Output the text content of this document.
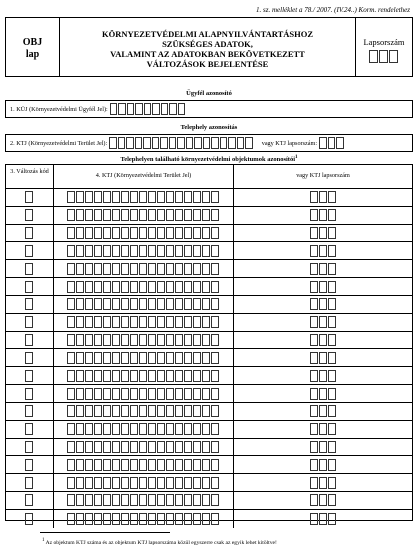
1. sz. melléklet a 78./ 2007. (IV.24..) Korm. rendelethez
OBJ
lap
KÖRNYEZETVÉDELMI ALAPNYILVÁNTARTÁSHOZ
SZÜKSÉGES ADATOK,
VALAMINT AZ ADATOKBAN BEKÖVETKEZETT
VÁLTOZÁSOK BEJELENTÉSE
Lapsorszám
Ügyfél azonosító
1. KÜJ (Környezetvédelmi Ügyfél Jel):
Telephely azonosítás
2. KTJ (Környezetvédelmi Terület Jel):	vagy KTJ lapsorszám:
Telephelyen található környezetvédelmi objektumok azonosítói$^1$
3. Változás kód
4. KTJ (Környezetvédelmi Terület Jel)	vagy KTJ lapsorszám
$^1$ Az objektum KTJ száma és az objektum KTJ lapsorszáma közül egyszerre csak az egyik lehet kitöltve!
